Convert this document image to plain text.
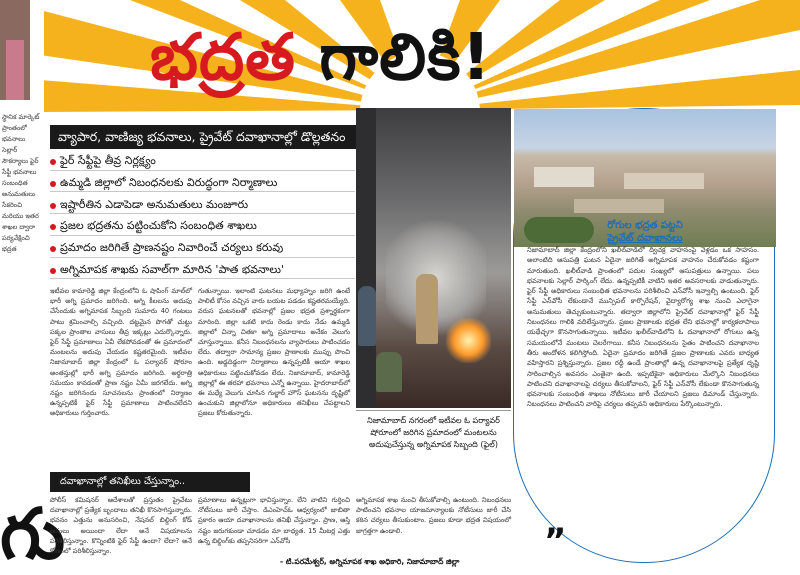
భద్రత గాలికి!
స్థానిక మార్కెట్ ప్రాంతంలో భవనాలు సెల్లార్ సౌకర్యాలు ఫైర్ సేఫ్టీ భవనాలు సంబంధిత అనుమతులు సేకరించి మరియు ఇతర శాఖల ద్వారా పర్యవేక్షించి భద్రత
గు
వ్యాపార, వాణిజ్య భవనాలు, ప్రైవేట్ దవాఖానాల్లో డొల్లతనం
ఫైర్ సేఫ్టీపై తీవ్ర నిర్లక్ష్యం
ఉమ్మడి జిల్లాలో నిబంధనలకు విరుద్ధంగా నిర్మాణాలు
ఇష్టారీతిన ఎడాపెడా అనుమతులు మంజూరు
ప్రజల భద్రతను పట్టించుకోని సంబంధిత శాఖలు
ప్రమాదం జరిగితే ప్రాణనష్టం నివారించే చర్యలు కరువు
అగ్నిమాపక శాఖకు సవాల్‌గా మారిన 'పాత భవనాలు'
ఇటీవల కామారెడ్డి జిల్లా కేంద్రంలోని ఓ షాపింగ్ మాల్‌లో భారీ అగ్ని ప్రమాదం జరిగింది. అగ్ని కీలలను అదుపు చేసేందుకు అగ్నిమాపక సిబ్బంది సుమారు 40 గంటలు పాటు శ్రమించాల్సి వచ్చింది. దట్టమైన పొగతో చుట్టు పక్కల ప్రాంతాల వాసులు తీవ్ర ఇక్కట్లు ఎదుర్కొన్నారు. ఫైర్ సేఫ్టీ ప్రమాణాలు ఏవీ లేకపోవడంతో ఈ ప్రమాదంలో మంటలను అదుపు చేయడం కష్టతరమైంది. ఇటీవల నిజామాబాద్ జిల్లా కేంద్రంలో ఓ పర్యావర్ షోరూం అంతస్తుల్లో భారీ అగ్ని ప్రమాదం జరిగింది. అర్థరాత్రి సమయం కావడంతో ప్రాణ నష్టం ఏమీ జరగలేదు. అగ్ని నష్టం జరిగినందు సూచనలను ప్రాంతంలో నిర్మాణం ఉన్నప్పటికీ ఫైర్ సేఫ్టీ ప్రమాణాలు పాటించలేదని అధికారులు గుర్తించారు.
గుతున్నాయి. ఇలాంటి ఘటనలు మధ్యాహ్నం జరిగి ఉంటే పాలిటీ కోసం వచ్చిన వారు బయట పడడం కష్టతరమయ్యేది. వరుస ఘటనలతో భవనాల్లో ప్రజల భద్రత ప్రశ్నార్థకంగా మారింది. జిల్లా ఒకటి కాదు రెండు కాదు నేడు ఉమ్మడి జిల్లాలో చిన్నా చితకా అగ్ని ప్రమాదాలు అనేకం వెలుగు చూస్తున్నాయి. కనీస నిబంధనలను వ్యాపారులు పాటించడం లేదు. తద్వారా సామాన్య ప్రజల ప్రాణాలకు ముప్పు పొంచి ఉంది. అడ్డదిడ్డంగా నిర్మాణాలు ఉన్నప్పటికీ ఆయా శాఖల అధికారులు పట్టించుకోవడం లేదు. నిజామాబాద్, కామారెడ్డి జిల్లాల్లో ఈ తరహా భవనాలు ఎన్నో ఉన్నాయి. హైదరాబాద్‌లో ఈ మధ్యే వెలుగు చూసిన గుల్జార్ హౌస్ ఘటనను దృష్టిలో ఉంచుకుని జిల్లాలోనూ అధికారులు తనిఖీలు చేపట్టాలని ప్రజలు కోరుతున్నారు.
నిజామాబాద్ నగరంలో ఇటీవల ఓ పర్యావర్ షోరూంలో జరిగిన ప్రమాదంలో మంటలను అదుపుచేస్తున్న అగ్నిమాపక సిబ్బంది (ఫైల్)
రోగుల భద్రత పట్టని
ప్రైవేట్ దవాఖానలు
నిజామాబాద్ జిల్లా కేంద్రంలోని ఖలీల్‌వాడిలో ద్విచక్ర వాహనంపై వెళ్లడం ఒక సాహసం. అలాంటిది ఆసుపత్రి ఘటన ఏదైనా జరిగితే అగ్నిమాపక వాహనం చేరుకోవడం కష్టంగా మారుతుంది. ఖలీల్‌వాడి ప్రాంతంలో పదుల సంఖ్యలో ఆసుపత్రులు ఉన్నాయి. పలు భవనాలకు సెల్లార్ పార్కింగ్ లేదు. ఉన్నప్పటికీ వాటిని ఇతర అవసరాలకు వాడుతున్నారు. ఫైర్ సేఫ్టీ అధికారులు సంబంధిత భవనాలను పరిశీలించి ఎన్‌వోసీ ఇవ్వాల్సి ఉంటుంది. ఫైర్ సేఫ్టీ ఎన్‌వోసీ లేకుండానే మున్సిపల్ కార్పొరేషన్, వైద్యారోగ్య శాఖ నుంచి ఎలాగైనా అనుమతులు తెచ్చుకుంటున్నారు. తద్వారా జిల్లాలోని ప్రైవేట్ దవాఖానాల్లో ఫైర్ సేఫ్టీ నిబంధనలు గాలికి వదిలేస్తున్నారు. ప్రజల ప్రాణాలకు భద్రత లేని భవనాల్లో కార్యకలాపాలు యథేచ్ఛగా కొనసాగుతున్నాయి. ఇటీవల ఖలీల్‌వాడిలోని ఓ దవాఖానాలో రోగులు ఉన్న సమయంలోనే మంటలు చెలరేగాయి. కనీస నిబంధనలను సైతం పాటించని దవాఖానాల తీరు ఆందోళన కలిగిస్తోంది. ఏదైనా ప్రమాదం జరిగితే ప్రజల ప్రాణాలకు ఎవరు బాధ్యత వహిస్తారని ప్రశ్నిస్తున్నారు. ప్రజల రద్దీ ఉండే ప్రాంతాల్లో ఉన్న దవాఖానాలపై ప్రత్యేక దృష్టి సారించాల్సిన అవసరం ఎంతైనా ఉంది. ఇప్పటికైనా అధికారులు మేల్కొని నిబంధనలు పాటించని దవాఖానాలపై చర్యలు తీసుకోవాలని, ఫైర్ సేఫ్టీ ఎన్‌వోసీ లేకుండా కొనసాగుతున్న భవనాలకు సంబంధిత శాఖలు నోటీసులు జారీ చేయాలని ప్రజలు డిమాండ్ చేస్తున్నారు. నిబంధనలు పాటించని వారిపై చర్యలు తప్పవని అధికారులు పేర్కొంటున్నారు.
దవాఖానాల్లో తనిఖీలు చేస్తున్నాం..
పోలీస్ కమిషనర్ ఆదేశాలతో ప్రస్తుతం ప్రైవేటు దవాఖానాల్లో ప్రత్యేక బృందాలు తనిఖీ కొనసాగిస్తున్నారు. భవనం ఎత్తును అనుసరించి, నేషనల్ బిల్డింగ్ కోడ్ అమలు అయిందా లేదా అనే విషయాలను పరిశీలిస్తున్నాం. కొన్నింటికి ఫైర్ సేఫ్టీ ఉందా? లేదా? అనే కోణంలో పరిశీలిస్తున్నాం.
ప్రమాణాలు ఉన్నట్లుగా భావిస్తున్నాం. లేని వాటిని గుర్తించి నోటీసులు జారీ చేస్తాం. డిఎంహెచ్‌ఓ ఆధ్వర్యంలో జాబితా ప్రకారం ఆయా దవాఖానాలను తనిఖీ చేస్తున్నాం. ప్రాణ, ఆస్తి నష్టం జరుగకుండా చూడడం మా బాధ్యత. 15 మీటర్ల ఎత్తు ఉన్న బిల్డింగ్‌కు తప్పనిసరిగా ఎన్‌వోసీ
అగ్నిమాపక శాఖ నుంచి తీసుకోవాల్సి ఉంటుంది. నిబంధనలు పాటించని భవనాల యాజమాన్యాలకు నోటీసులు జారీ చేసి కఠిన చర్యలు తీసుకుంటాం. ప్రజలు కూడా భద్రత విషయంలో జాగ్రత్తగా ఉండాలి.	”
- టి.పరమేశ్వర్, అగ్నిమాపక శాఖ అధికారి, నిజామాబాద్ జిల్లా
